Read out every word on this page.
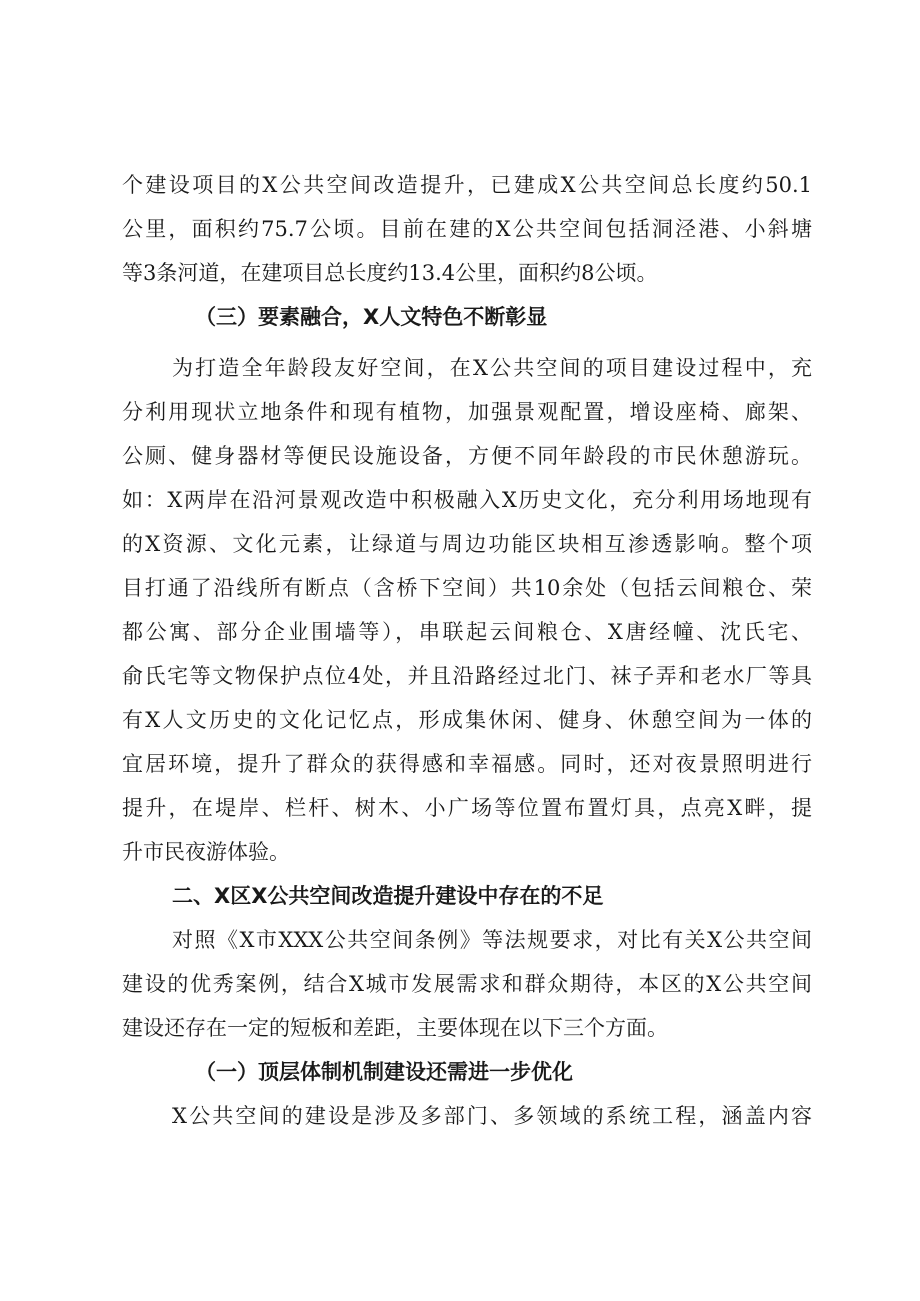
个建设项目的X公共空间改造提升，已建成X公共空间总长度约50.1
公里，面积约75.7公顷。目前在建的X公共空间包括洞泾港、小斜塘
等3条河道，在建项目总长度约13.4公里，面积约8公顷。
（三）要素融合，X人文特色不断彰显
为打造全年龄段友好空间，在X公共空间的项目建设过程中，充
分利用现状立地条件和现有植物，加强景观配置，增设座椅、廊架、
公厕、健身器材等便民设施设备，方便不同年龄段的市民休憩游玩。
如：X两岸在沿河景观改造中积极融入X历史文化，充分利用场地现有
的X资源、文化元素，让绿道与周边功能区块相互渗透影响。整个项
目打通了沿线所有断点（含桥下空间）共10余处（包括云间粮仓、荣
都公寓、部分企业围墙等），串联起云间粮仓、X唐经幢、沈氏宅、
俞氏宅等文物保护点位4处，并且沿路经过北门、袜子弄和老水厂等具
有X人文历史的文化记忆点，形成集休闲、健身、休憩空间为一体的
宜居环境，提升了群众的获得感和幸福感。同时，还对夜景照明进行
提升，在堤岸、栏杆、树木、小广场等位置布置灯具，点亮X畔，提
升市民夜游体验。
二、X区X公共空间改造提升建设中存在的不足
对照《X市XXX公共空间条例》等法规要求，对比有关X公共空间
建设的优秀案例，结合X城市发展需求和群众期待，本区的X公共空间
建设还存在一定的短板和差距，主要体现在以下三个方面。
（一）顶层体制机制建设还需进一步优化
X公共空间的建设是涉及多部门、多领域的系统工程，涵盖内容
